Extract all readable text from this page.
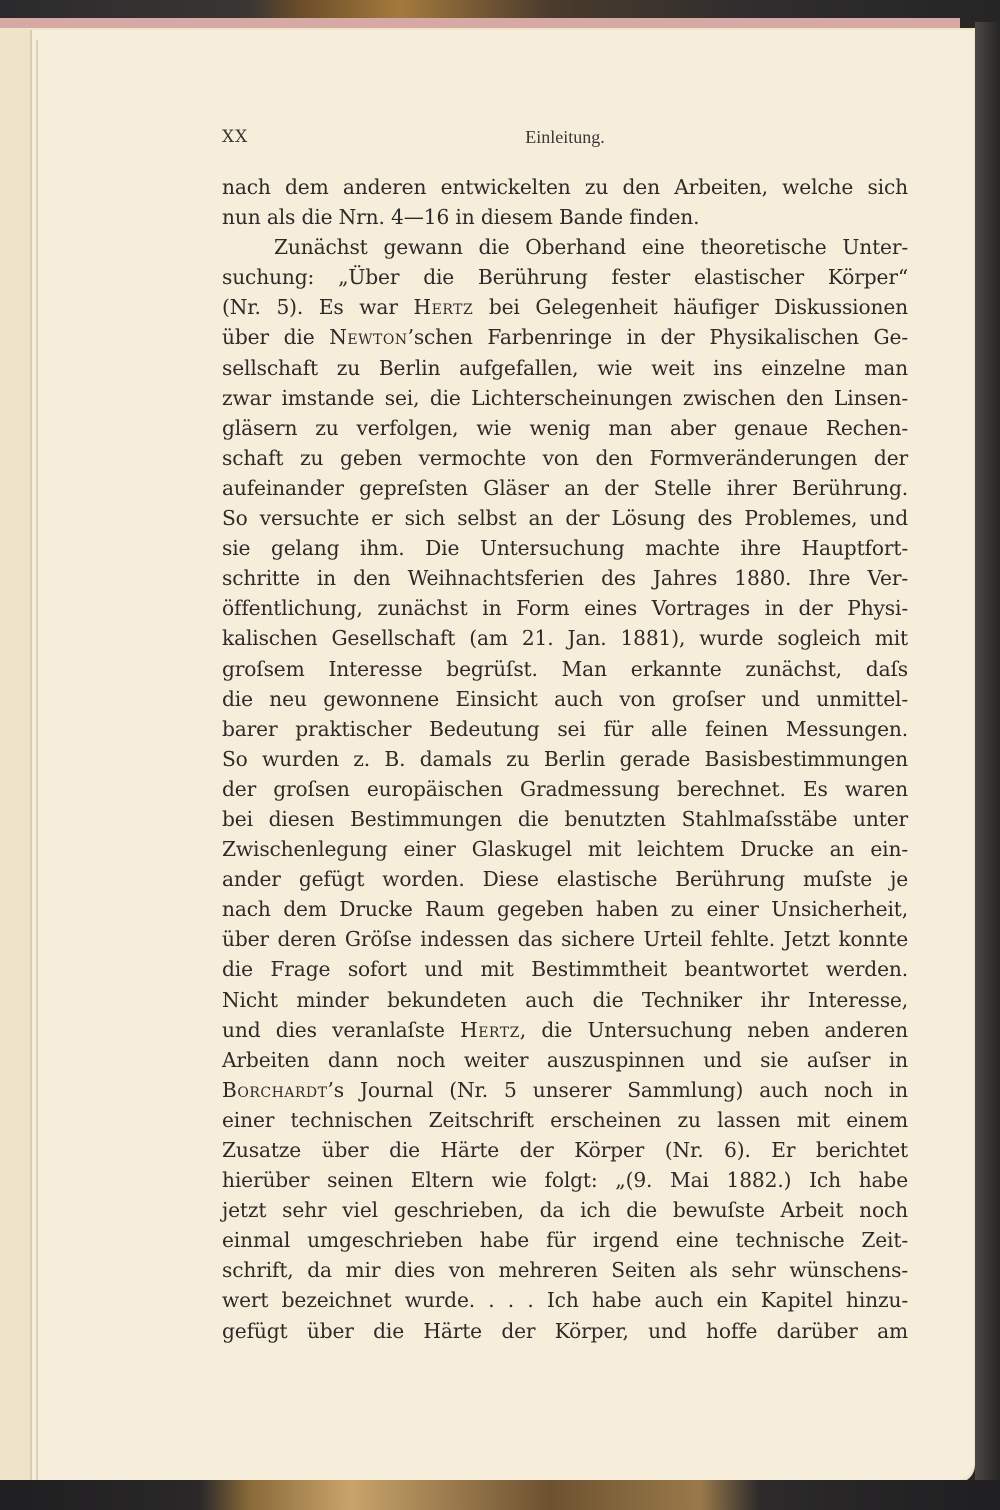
XX	Einleitung.
nach dem anderen entwickelten zu den Arbeiten, welche sich
nun als die Nrn. 4—16 in diesem Bande finden.
Zunächst gewann die Oberhand eine theoretische Unter-
suchung: „Über die Berührung fester elastischer Körper“
(Nr. 5). Es war Hertz bei Gelegenheit häufiger Diskussionen
über die Newton’schen Farbenringe in der Physikalischen Ge-
sellschaft zu Berlin aufgefallen, wie weit ins einzelne man
zwar imstande sei, die Lichterscheinungen zwischen den Linsen-
gläsern zu verfolgen, wie wenig man aber genaue Rechen-
schaft zu geben vermochte von den Formveränderungen der
aufeinander gepreſsten Gläser an der Stelle ihrer Berührung.
So versuchte er sich selbst an der Lösung des Problemes, und
sie gelang ihm. Die Untersuchung machte ihre Hauptfort-
schritte in den Weihnachtsferien des Jahres 1880. Ihre Ver-
öffentlichung, zunächst in Form eines Vortrages in der Physi-
kalischen Gesellschaft (am 21. Jan. 1881), wurde sogleich mit
groſsem Interesse begrüſst. Man erkannte zunächst, daſs
die neu gewonnene Einsicht auch von groſser und unmittel-
barer praktischer Bedeutung sei für alle feinen Messungen.
So wurden z. B. damals zu Berlin gerade Basisbestimmungen
der groſsen europäischen Gradmessung berechnet. Es waren
bei diesen Bestimmungen die benutzten Stahlmaſsstäbe unter
Zwischenlegung einer Glaskugel mit leichtem Drucke an ein-
ander gefügt worden. Diese elastische Berührung muſste je
nach dem Drucke Raum gegeben haben zu einer Unsicherheit,
über deren Gröſse indessen das sichere Urteil fehlte. Jetzt konnte
die Frage sofort und mit Bestimmtheit beantwortet werden.
Nicht minder bekundeten auch die Techniker ihr Interesse,
und dies veranlaſste Hertz, die Untersuchung neben anderen
Arbeiten dann noch weiter auszuspinnen und sie auſser in
Borchardt’s Journal (Nr. 5 unserer Sammlung) auch noch in
einer technischen Zeitschrift erscheinen zu lassen mit einem
Zusatze über die Härte der Körper (Nr. 6). Er berichtet
hierüber seinen Eltern wie folgt: „(9. Mai 1882.) Ich habe
jetzt sehr viel geschrieben, da ich die bewuſste Arbeit noch
einmal umgeschrieben habe für irgend eine technische Zeit-
schrift, da mir dies von mehreren Seiten als sehr wünschens-
wert bezeichnet wurde. . . . Ich habe auch ein Kapitel hinzu-
gefügt über die Härte der Körper, und hoffe darüber am
